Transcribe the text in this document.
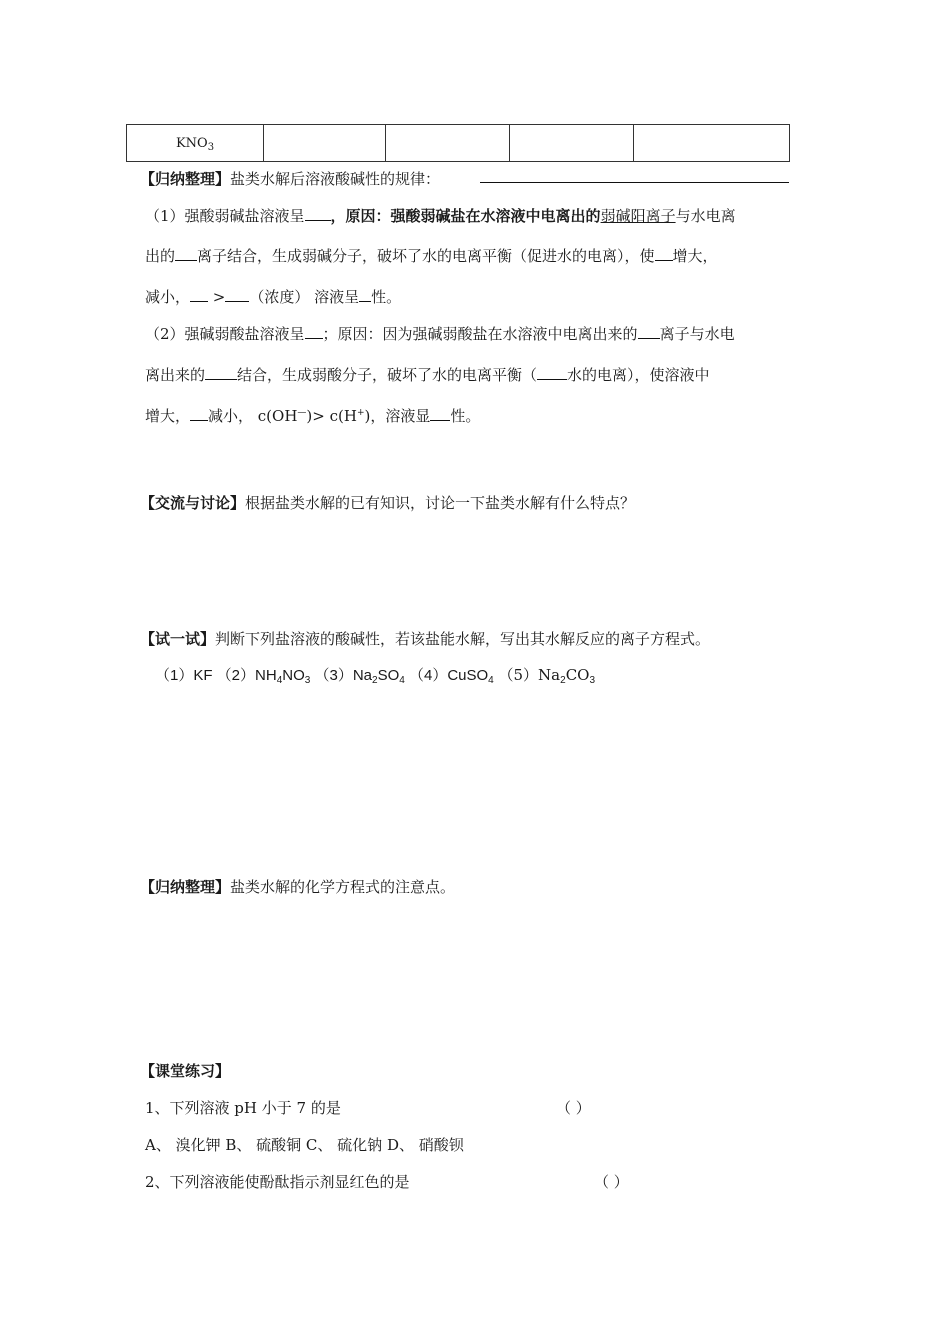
$KNO_3$				
【归纳整理】盐类水解后溶液酸碱性的规律：
（1）强酸弱碱盐溶液呈 ，原因：强酸弱碱盐在水溶液中电离出的弱碱阳离子与水电离
出的 离子结合，生成弱碱分子，破坏了水的电离平衡（促进水的电离），使 增大，
减小， > （浓度） 溶液呈 性。
（2）强碱弱酸盐溶液呈 ；原因：因为强碱弱酸盐在水溶液中电离出来的 离子与水电
离出来的 结合，生成弱酸分子，破坏了水的电离平衡（ 水的电离），使溶液中
增大， 减小， c(OH—)> c(H+)，溶液显 性。
【交流与讨论】根据盐类水解的已有知识，讨论一下盐类水解有什么特点？
【试一试】判断下列盐溶液的酸碱性，若该盐能水解，写出其水解反应的离子方程式。
（1）KF $(2)NH_4NO_3$ $(3)Na_2SO_4$ （4）CuSO$_4$ $(5)Na_2CO_3$
【归纳整理】盐类水解的化学方程式的注意点。
【课堂练习】
1、下列溶液 pH 小于 7 的是	（ ）
A、 溴化钾 B、 硫酸铜 C、 硫化钠 D、 硝酸钡
2、下列溶液能使酚酞指示剂显红色的是	（ ）
